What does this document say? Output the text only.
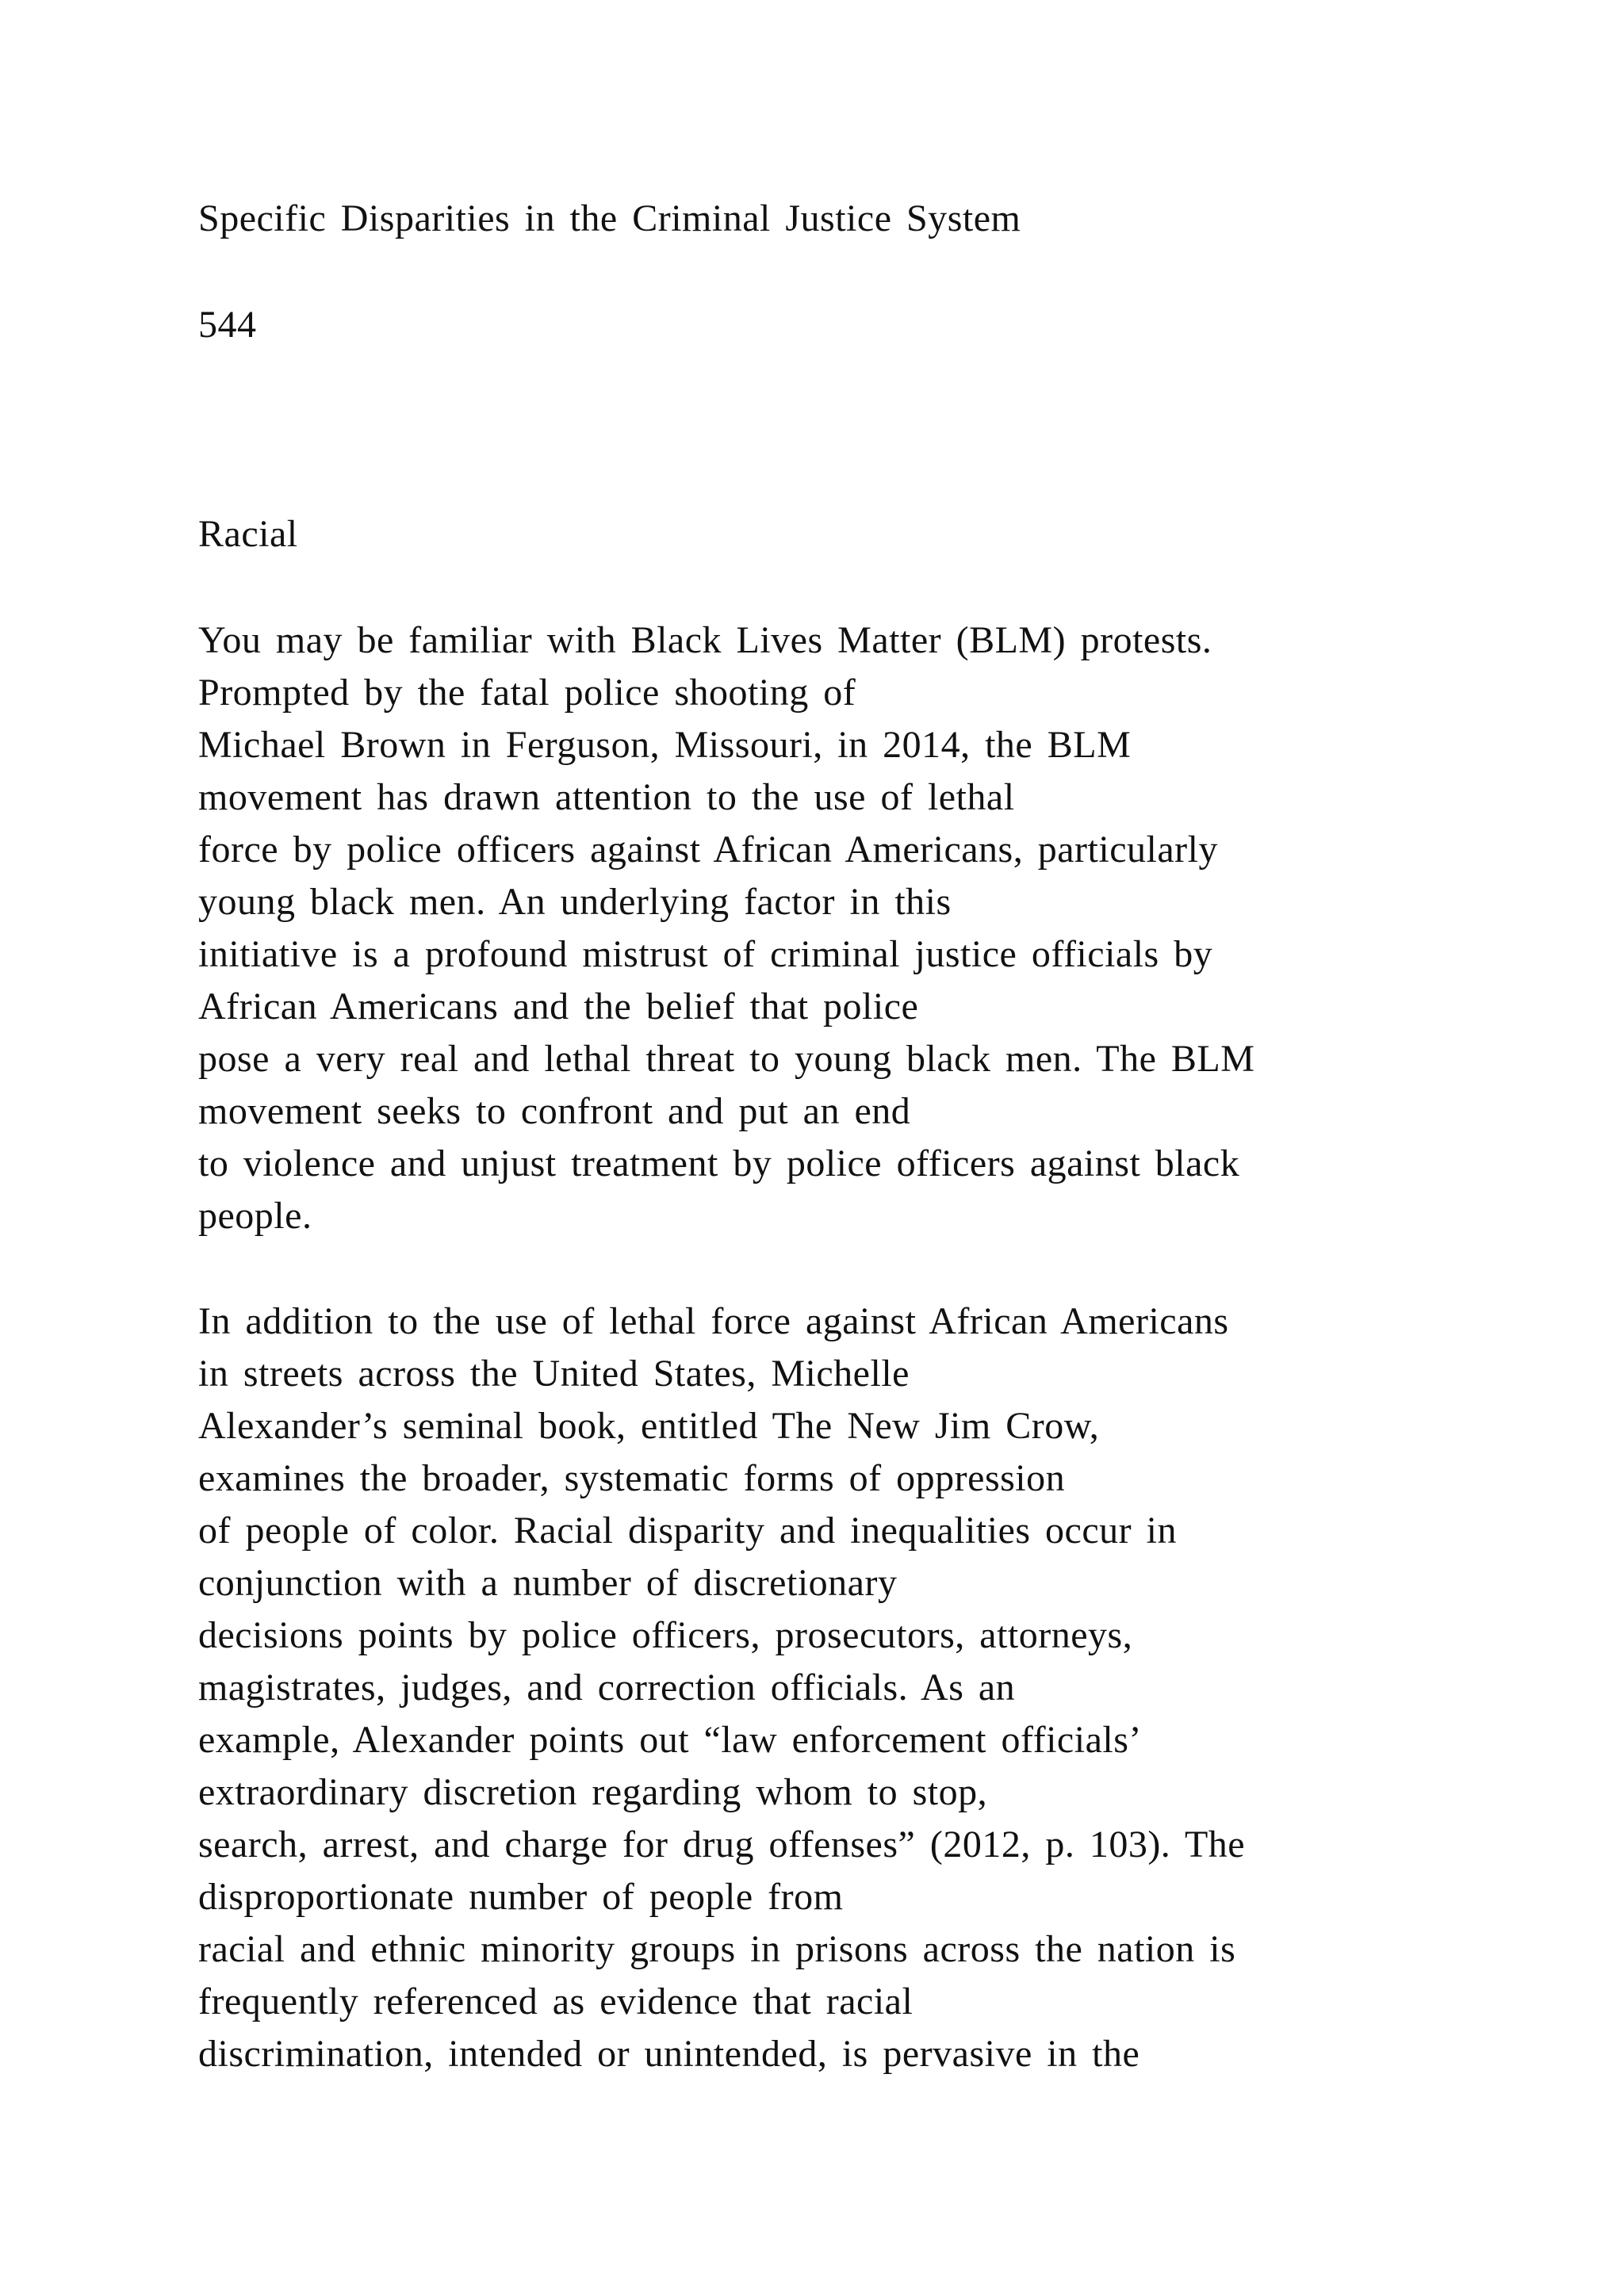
Specific Disparities in the Criminal Justice System
544
Racial
You may be familiar with Black Lives Matter (BLM) protests.
Prompted by the fatal police shooting of
Michael Brown in Ferguson, Missouri, in 2014, the BLM
movement has drawn attention to the use of lethal
force by police officers against African Americans, particularly
young black men. An underlying factor in this
initiative is a profound mistrust of criminal justice officials by
African Americans and the belief that police
pose a very real and lethal threat to young black men. The BLM
movement seeks to confront and put an end
to violence and unjust treatment by police officers against black
people.
In addition to the use of lethal force against African Americans
in streets across the United States, Michelle
Alexander’s seminal book, entitled The New Jim Crow,
examines the broader, systematic forms of oppression
of people of color. Racial disparity and inequalities occur in
conjunction with a number of discretionary
decisions points by police officers, prosecutors, attorneys,
magistrates, judges, and correction officials. As an
example, Alexander points out “law enforcement officials’
extraordinary discretion regarding whom to stop,
search, arrest, and charge for drug offenses” (2012, p. 103). The
disproportionate number of people from
racial and ethnic minority groups in prisons across the nation is
frequently referenced as evidence that racial
discrimination, intended or unintended, is pervasive in the
